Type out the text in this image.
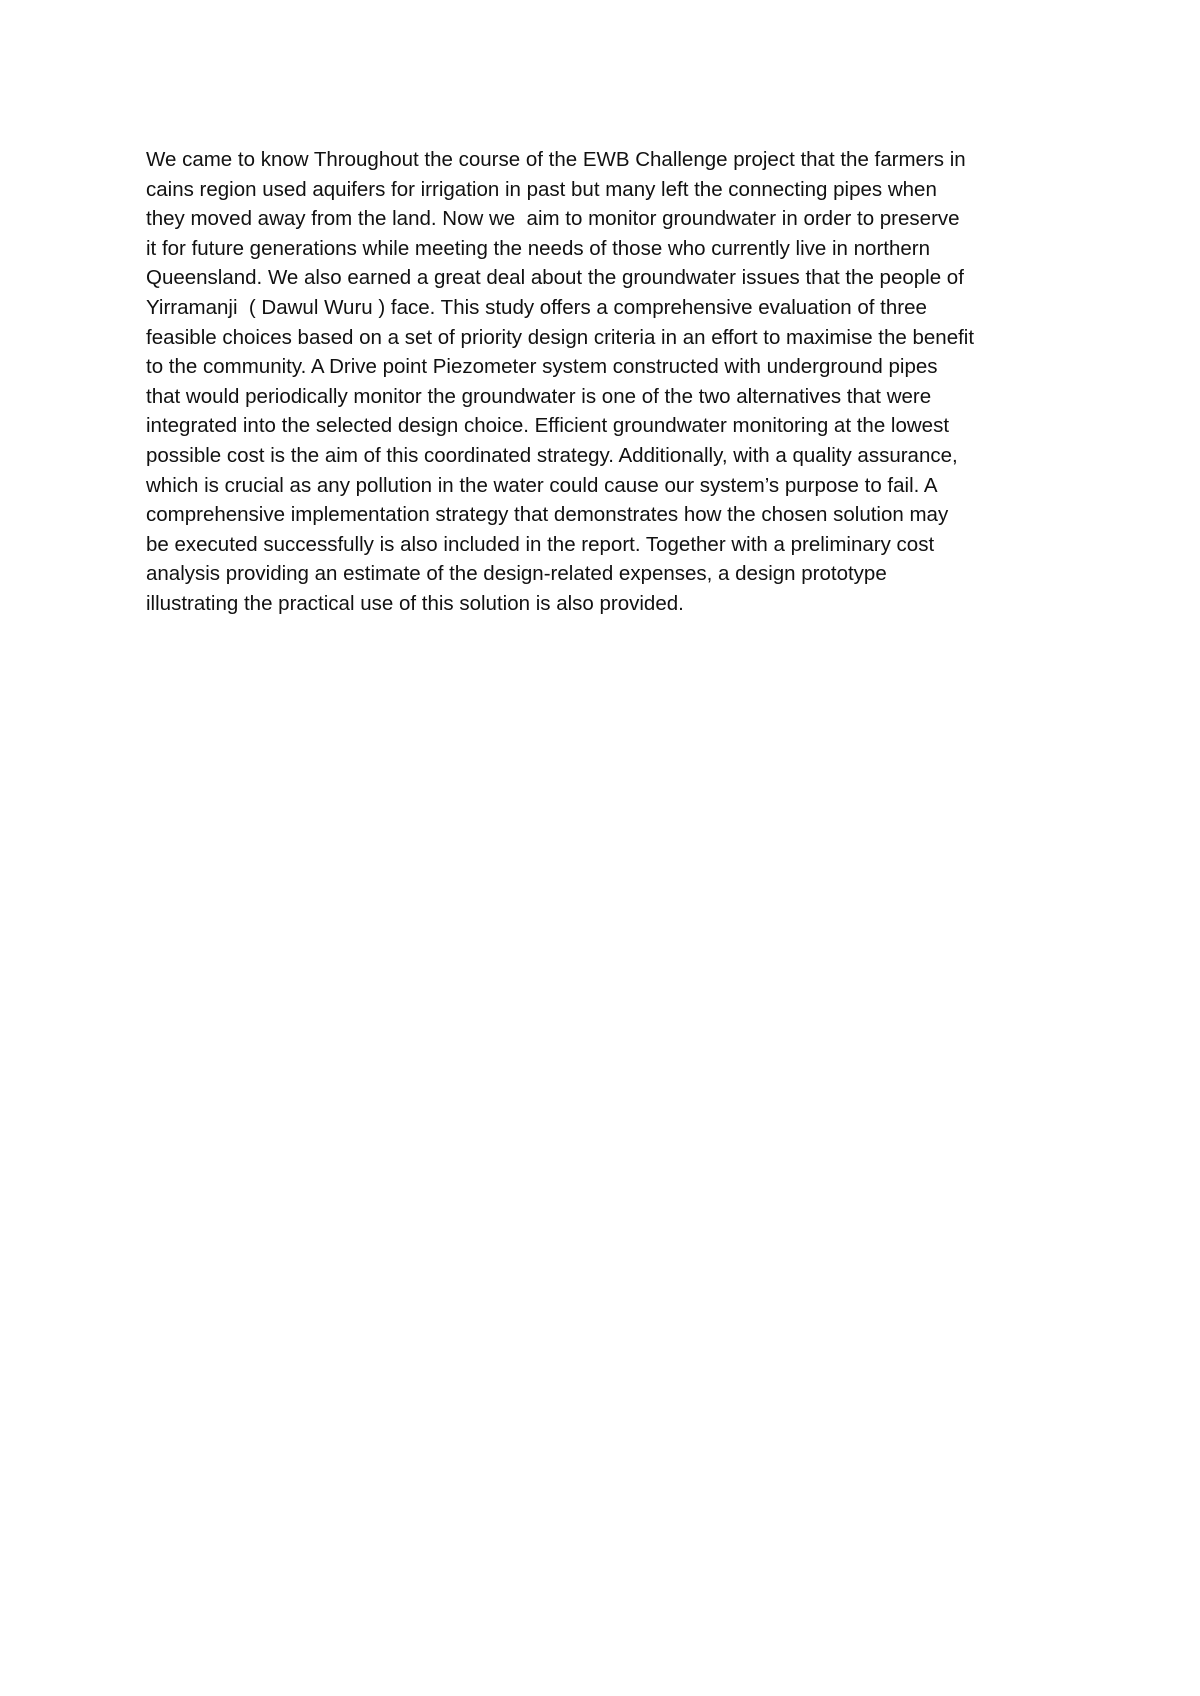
We came to know Throughout the course of the EWB Challenge project that the farmers in
cains region used aquifers for irrigation in past but many left the connecting pipes when
they moved away from the land. Now we  aim to monitor groundwater in order to preserve
it for future generations while meeting the needs of those who currently live in northern
Queensland. We also earned a great deal about the groundwater issues that the people of
Yirramanji  ( Dawul Wuru ) face. This study offers a comprehensive evaluation of three
feasible choices based on a set of priority design criteria in an effort to maximise the benefit
to the community. A Drive point Piezometer system constructed with underground pipes
that would periodically monitor the groundwater is one of the two alternatives that were
integrated into the selected design choice. Efficient groundwater monitoring at the lowest
possible cost is the aim of this coordinated strategy. Additionally, with a quality assurance,
which is crucial as any pollution in the water could cause our system’s purpose to fail. A
comprehensive implementation strategy that demonstrates how the chosen solution may
be executed successfully is also included in the report. Together with a preliminary cost
analysis providing an estimate of the design-related expenses, a design prototype
illustrating the practical use of this solution is also provided.
